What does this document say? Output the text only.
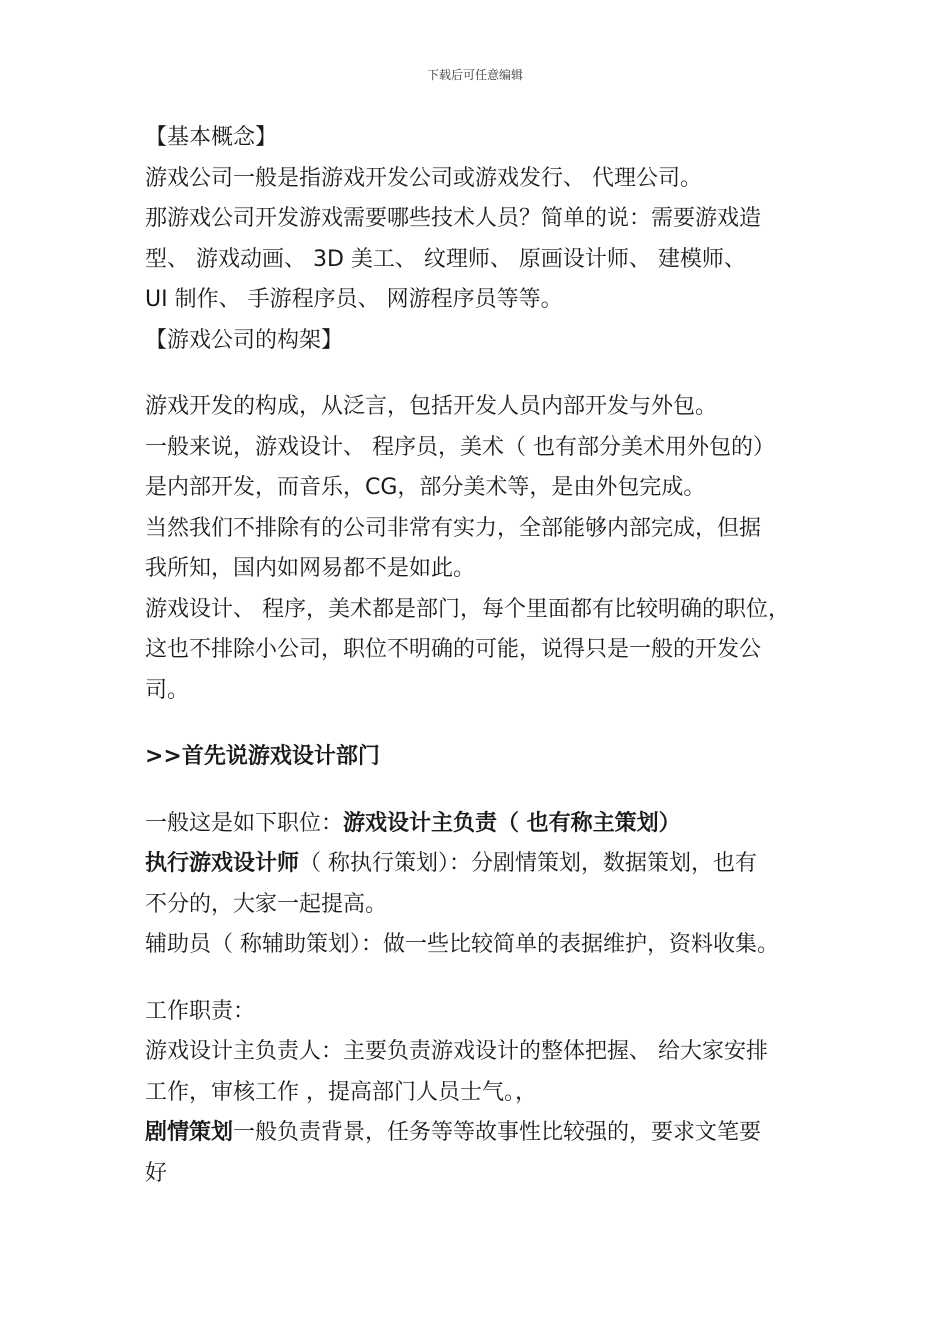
下载后可任意编辑

【基本概念】

游戏公司一般是指游戏开发公司或游戏发行、 代理公司。

那游戏公司开发游戏需要哪些技术人员？简单的说：需要游戏造

型、 游戏动画、 3D 美工、 纹理师、 原画设计师、 建模师、

UI 制作、 手游程序员、 网游程序员等等。

【游戏公司的构架】

游戏开发的构成，从泛言，包括开发人员内部开发与外包。

一般来说，游戏设计、 程序员，美术（ 也有部分美术用外包的）

是内部开发，而音乐，CG，部分美术等，是由外包完成。

当然我们不排除有的公司非常有实力，全部能够内部完成，但据

我所知，国内如网易都不是如此。

游戏设计、 程序，美术都是部门，每个里面都有比较明确的职位，

这也不排除小公司，职位不明确的可能，说得只是一般的开发公

司。

>>首先说游戏设计部门

一般这是如下职位：游戏设计主负责（ 也有称主策划）

执行游戏设计师（ 称执行策划）：分剧情策划，数据策划，也有

不分的，大家一起提高。

辅助员（ 称辅助策划）：做一些比较简单的表据维护，资料收集。

工作职责：

游戏设计主负责人：主要负责游戏设计的整体把握、 给大家安排

工作，审核工作 ，提高部门人员士气。，

剧情策划一般负责背景，任务等等故事性比较强的，要求文笔要

好
